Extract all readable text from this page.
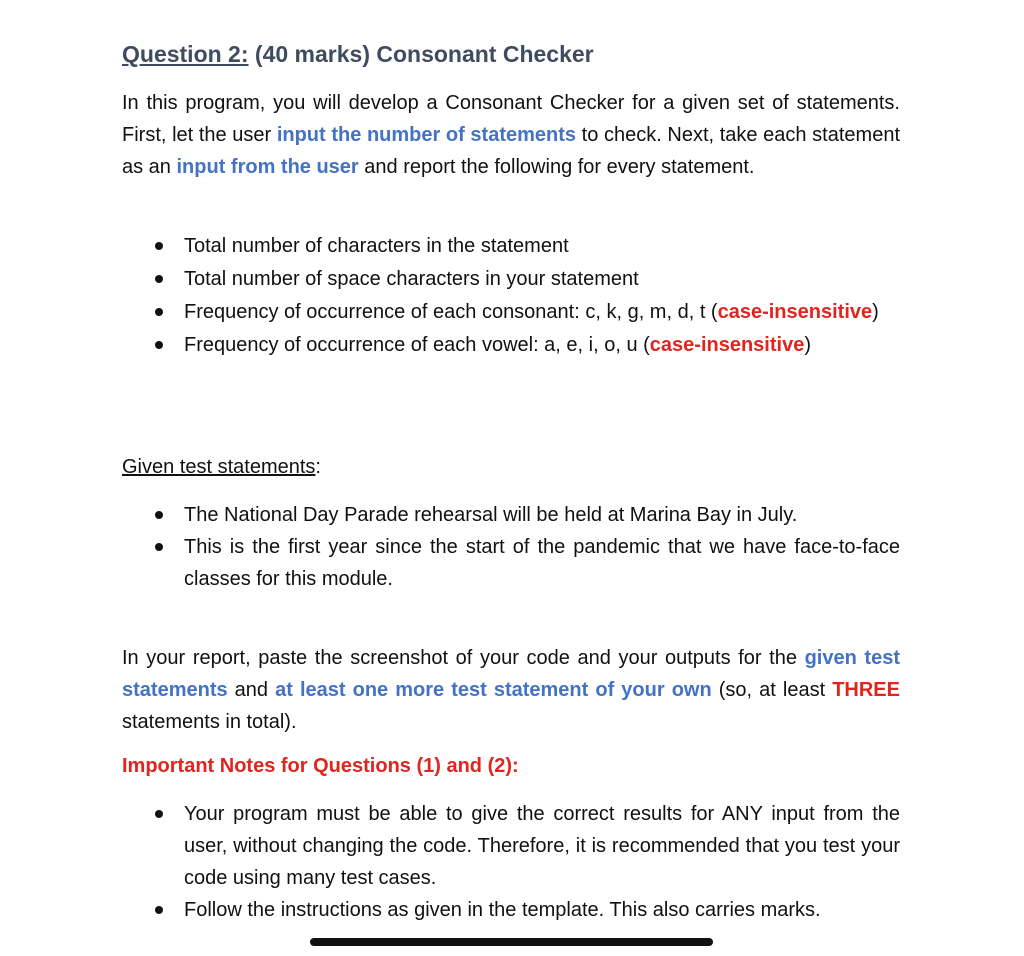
Question 2: (40 marks) Consonant Checker
In this program, you will develop a Consonant Checker for a given set of statements. First, let the user input the number of statements to check. Next, take each statement as an input from the user and report the following for every statement.
Total number of characters in the statement
Total number of space characters in your statement
Frequency of occurrence of each consonant: c, k, g, m, d, t (case-insensitive)
Frequency of occurrence of each vowel: a, e, i, o, u (case-insensitive)
Given test statements:
The National Day Parade rehearsal will be held at Marina Bay in July.
This is the first year since the start of the pandemic that we have face-to-face classes for this module.
In your report, paste the screenshot of your code and your outputs for the given test statements and at least one more test statement of your own (so, at least THREE statements in total).
Important Notes for Questions (1) and (2):
Your program must be able to give the correct results for ANY input from the user, without changing the code. Therefore, it is recommended that you test your code using many test cases.
Follow the instructions as given in the template. This also carries marks.
